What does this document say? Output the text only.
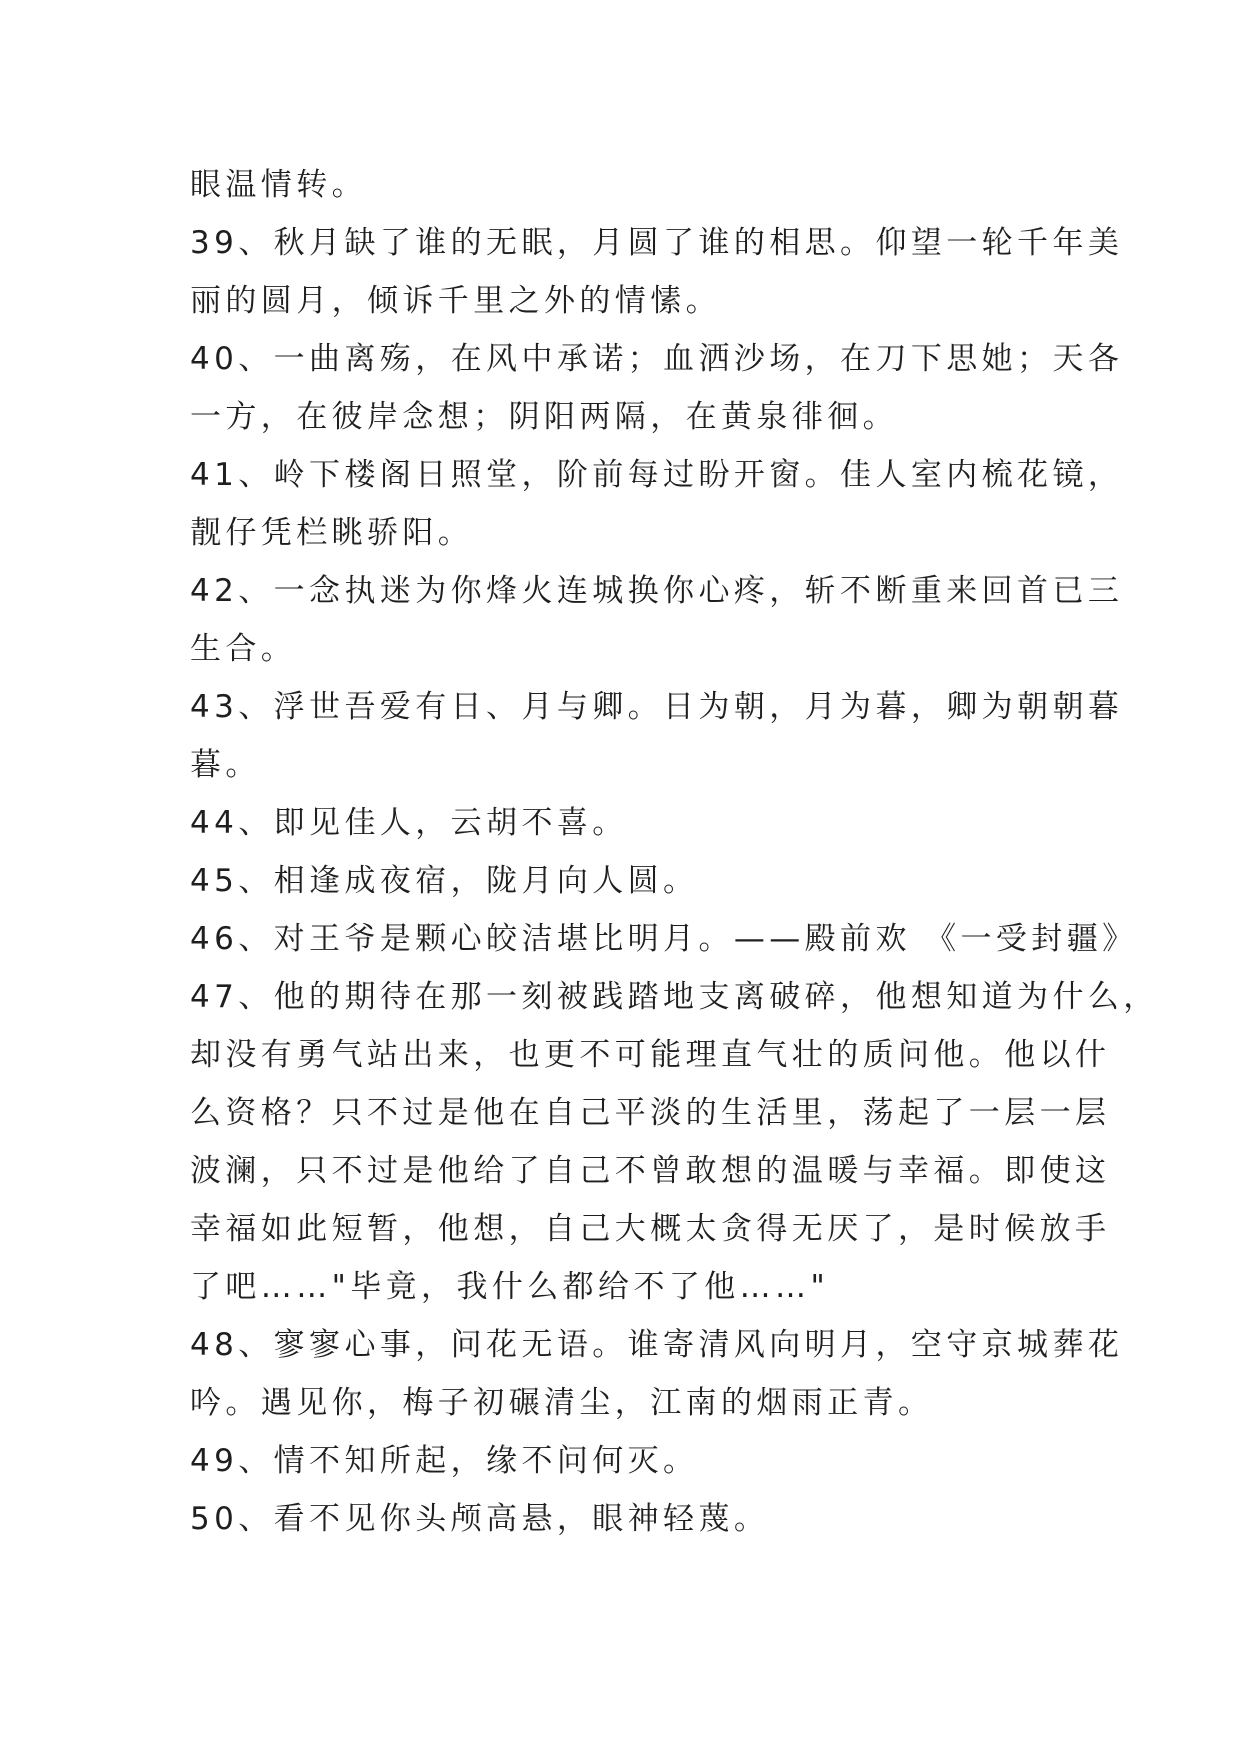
眼温情转。

39、秋月缺了谁的无眠，月圆了谁的相思。仰望一轮千年美
丽的圆月，倾诉千里之外的情愫。

40、一曲离殇，在风中承诺；血洒沙场，在刀下思她；天各
一方，在彼岸念想；阴阳两隔，在黄泉徘徊。

41、岭下楼阁日照堂，阶前每过盼开窗。佳人室内梳花镜，
靓仔凭栏眺骄阳。

42、一念执迷为你烽火连城换你心疼，斩不断重来回首已三
生合。

43、浮世吾爱有日、月与卿。日为朝，月为暮，卿为朝朝暮
暮。

44、即见佳人，云胡不喜。

45、相逢成夜宿，陇月向人圆。

46、对王爷是颗心皎洁堪比明月。——殿前欢 《一受封疆》

47、他的期待在那一刻被践踏地支离破碎，他想知道为什么，
却没有勇气站出来，也更不可能理直气壮的质问他。他以什
么资格？只不过是他在自己平淡的生活里，荡起了一层一层
波澜，只不过是他给了自己不曾敢想的温暖与幸福。即使这
幸福如此短暂，他想，自己大概太贪得无厌了，是时候放手
了吧……"毕竟，我什么都给不了他……"

48、寥寥心事，问花无语。谁寄清风向明月，空守京城葬花
吟。遇见你，梅子初碾清尘，江南的烟雨正青。

49、情不知所起，缘不问何灭。

50、看不见你头颅高悬，眼神轻蔑。
